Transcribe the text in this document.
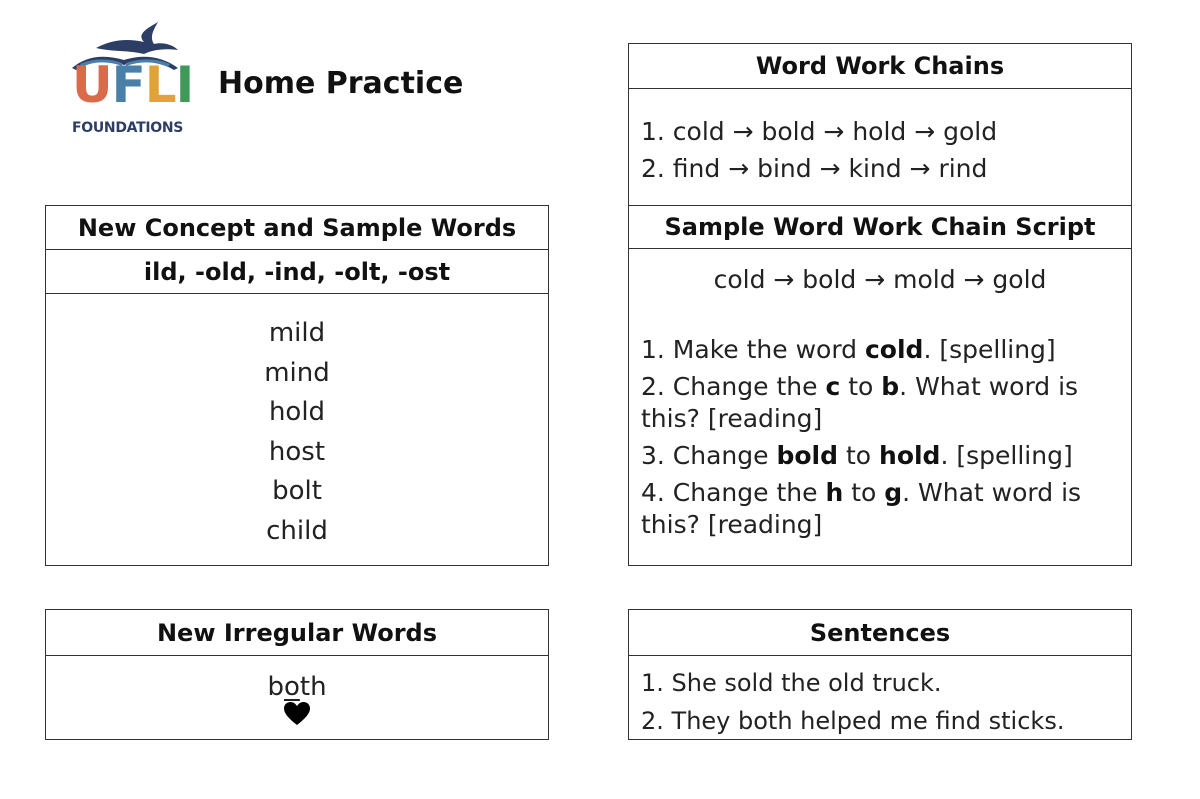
UFLI
FOUNDATIONS
Home Practice
New Concept and Sample Words
ild, -old, -ind, -olt, -ost
mild
mind
hold
host
bolt
child
New Irregular Words
both
Word Work Chains
1. cold → bold → hold → gold
2. find → bind → kind → rind
Sample Word Work Chain Script
cold → bold → mold → gold
1. Make the word cold. [spelling]
2. Change the c to b. What word is this? [reading]
3. Change bold to hold. [spelling]
4. Change the h to g. What word is this? [reading]
Sentences
1. She sold the old truck.
2. They both helped me find sticks.
